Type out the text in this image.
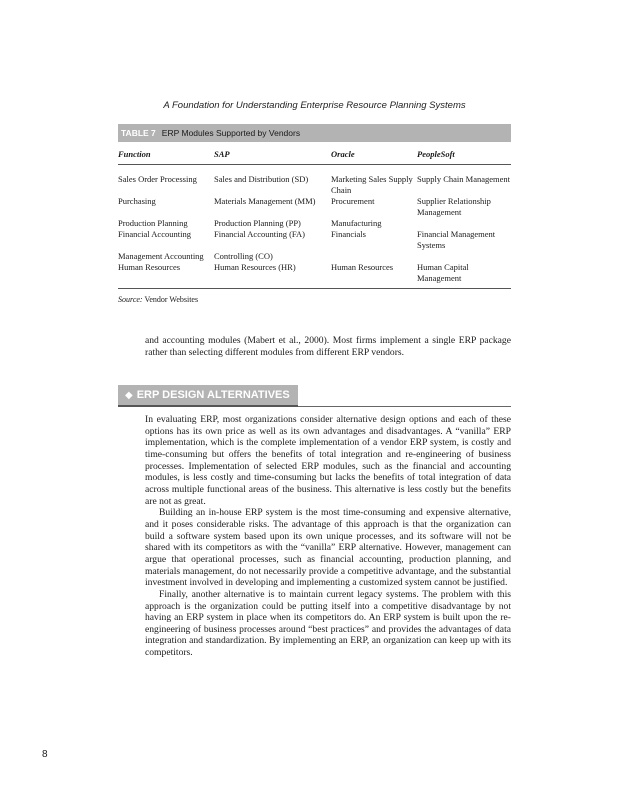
A Foundation for Understanding Enterprise Resource Planning Systems
TABLE 7 ERP Modules Supported by Vendors
Function	SAP	Oracle	PeopleSoft
Sales Order Processing	Sales and Distribution (SD)	Marketing Sales Supply Chain	Supply Chain Management
Purchasing	Materials Management (MM)	Procurement	Supplier Relationship Management
Production Planning	Production Planning (PP)	Manufacturing	
Financial Accounting	Financial Accounting (FA)	Financials	Financial Management Systems
Management Accounting	Controlling (CO)		
Human Resources	Human Resources (HR)	Human Resources	Human Capital Management
Source: Vendor Websites

and accounting modules (Mabert et al., 2000). Most firms implement a single ERP package rather than selecting different modules from different ERP vendors.

◆ ERP DESIGN ALTERNATIVES

In evaluating ERP, most organizations consider alternative design options and each of these options has its own price as well as its own advantages and disadvantages. A “vanilla” ERP implementation, which is the complete implementation of a vendor ERP system, is costly and time-consuming but offers the benefits of total integration and re-engineering of business processes. Implementation of selected ERP modules, such as the financial and accounting modules, is less costly and time-consuming but lacks the benefits of total integration of data across multiple functional areas of the business. This alternative is less costly but the benefits are not as great.

Building an in-house ERP system is the most time-consuming and expensive alternative, and it poses considerable risks. The advantage of this approach is that the organization can build a software system based upon its own unique processes, and its software will not be shared with its competitors as with the “vanilla” ERP alternative. However, management can argue that operational processes, such as financial accounting, production planning, and materials management, do not necessarily provide a competitive advantage, and the substantial investment involved in developing and implementing a customized system cannot be justified.

Finally, another alternative is to maintain current legacy systems. The problem with this approach is the organization could be putting itself into a competitive disadvantage by not having an ERP system in place when its competitors do. An ERP system is built upon the re-engineering of business processes around “best practices” and provides the advantages of data integration and standardization. By implementing an ERP, an organization can keep up with its competitors.

8
